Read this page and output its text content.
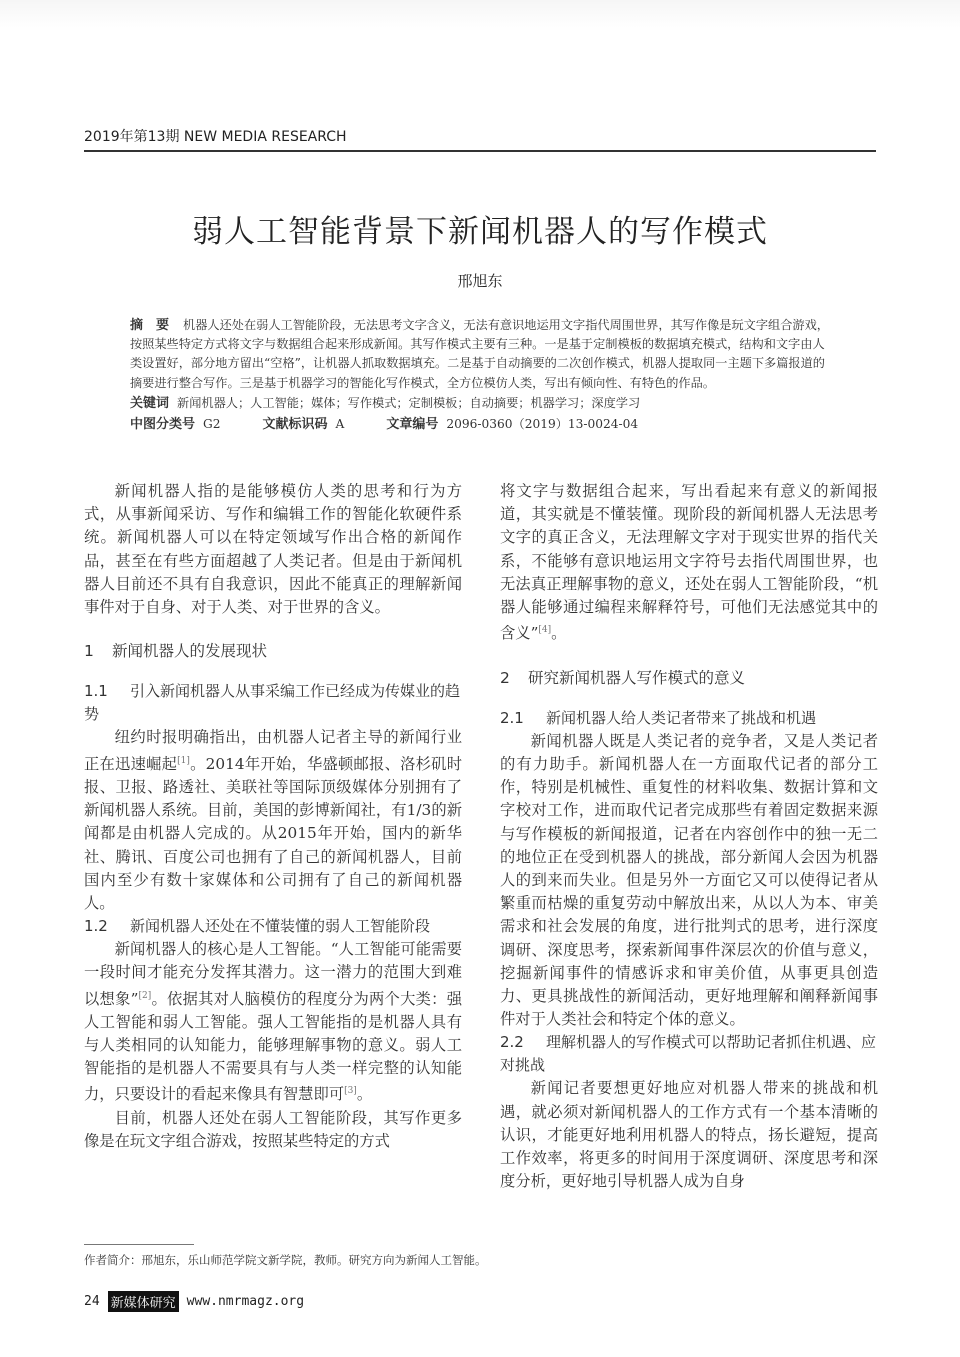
2019年第13期 NEW MEDIA RESEARCH
弱人工智能背景下新闻机器人的写作模式
邢旭东
摘　要 机器人还处在弱人工智能阶段，无法思考文字含义，无法有意识地运用文字指代周围世界，其写作像是玩文字组合游戏，按照某些特定方式将文字与数据组合起来形成新闻。其写作模式主要有三种。一是基于定制模板的数据填充模式，结构和文字由人类设置好，部分地方留出“空格”，让机器人抓取数据填充。二是基于自动摘要的二次创作模式，机器人提取同一主题下多篇报道的摘要进行整合写作。三是基于机器学习的智能化写作模式，全方位模仿人类，写出有倾向性、有特色的作品。
关键词 新闻机器人；人工智能；媒体；写作模式；定制模板；自动摘要；机器学习；深度学习
中图分类号 G2	文献标识码 A	文章编号 2096-0360（2019）13-0024-04

新闻机器人指的是能够模仿人类的思考和行为方式，从事新闻采访、写作和编辑工作的智能化软硬件系统。新闻机器人可以在特定领域写作出合格的新闻作品，甚至在有些方面超越了人类记者。但是由于新闻机器人目前还不具有自我意识，因此不能真正的理解新闻事件对于自身、对于人类、对于世界的含义。

1 新闻机器人的发展现状
1.1 引入新闻机器人从事采编工作已经成为传媒业的趋势

纽约时报明确指出，由机器人记者主导的新闻行业正在迅速崛起[1]。2014年开始，华盛顿邮报、洛杉矶时报、卫报、路透社、美联社等国际顶级媒体分别拥有了新闻机器人系统。目前，美国的彭博新闻社，有1/3的新闻都是由机器人完成的。从2015年开始，国内的新华社、腾讯、百度公司也拥有了自己的新闻机器人，目前国内至少有数十家媒体和公司拥有了自己的新闻机器人。

1.2 新闻机器人还处在不懂装懂的弱人工智能阶段

新闻机器人的核心是人工智能。“人工智能可能需要一段时间才能充分发挥其潜力。这一潜力的范围大到难以想象”[2]。依据其对人脑模仿的程度分为两个大类：强人工智能和弱人工智能。强人工智能指的是机器人具有与人类相同的认知能力，能够理解事物的意义。弱人工智能指的是机器人不需要具有与人类一样完整的认知能力，只要设计的看起来像具有智慧即可[3]。

目前，机器人还处在弱人工智能阶段，其写作更多像是在玩文字组合游戏，按照某些特定的方式

将文字与数据组合起来，写出看起来有意义的新闻报道，其实就是不懂装懂。现阶段的新闻机器人无法思考文字的真正含义，无法理解文字对于现实世界的指代关系，不能够有意识地运用文字符号去指代周围世界，也无法真正理解事物的意义，还处在弱人工智能阶段，“机器人能够通过编程来解释符号，可他们无法感觉其中的含义”[4]。

2 研究新闻机器人写作模式的意义
2.1 新闻机器人给人类记者带来了挑战和机遇

新闻机器人既是人类记者的竞争者，又是人类记者的有力助手。新闻机器人在一方面取代记者的部分工作，特别是机械性、重复性的材料收集、数据计算和文字校对工作，进而取代记者完成那些有着固定数据来源与写作模板的新闻报道，记者在内容创作中的独一无二的地位正在受到机器人的挑战，部分新闻人会因为机器人的到来而失业。但是另外一方面它又可以使得记者从繁重而枯燥的重复劳动中解放出来，从以人为本、审美需求和社会发展的角度，进行批判式的思考，进行深度调研、深度思考，探索新闻事件深层次的价值与意义，挖掘新闻事件的情感诉求和审美价值，从事更具创造力、更具挑战性的新闻活动，更好地理解和阐释新闻事件对于人类社会和特定个体的意义。

2.2 理解机器人的写作模式可以帮助记者抓住机遇、应对挑战

新闻记者要想更好地应对机器人带来的挑战和机遇，就必须对新闻机器人的工作方式有一个基本清晰的认识，才能更好地利用机器人的特点，扬长避短，提高工作效率，将更多的时间用于深度调研、深度思考和深度分析，更好地引导机器人成为自身

作者简介：邢旭东，乐山师范学院文新学院，教师。研究方向为新闻人工智能。
24 新媒体研究 www.nmrmagz.org
